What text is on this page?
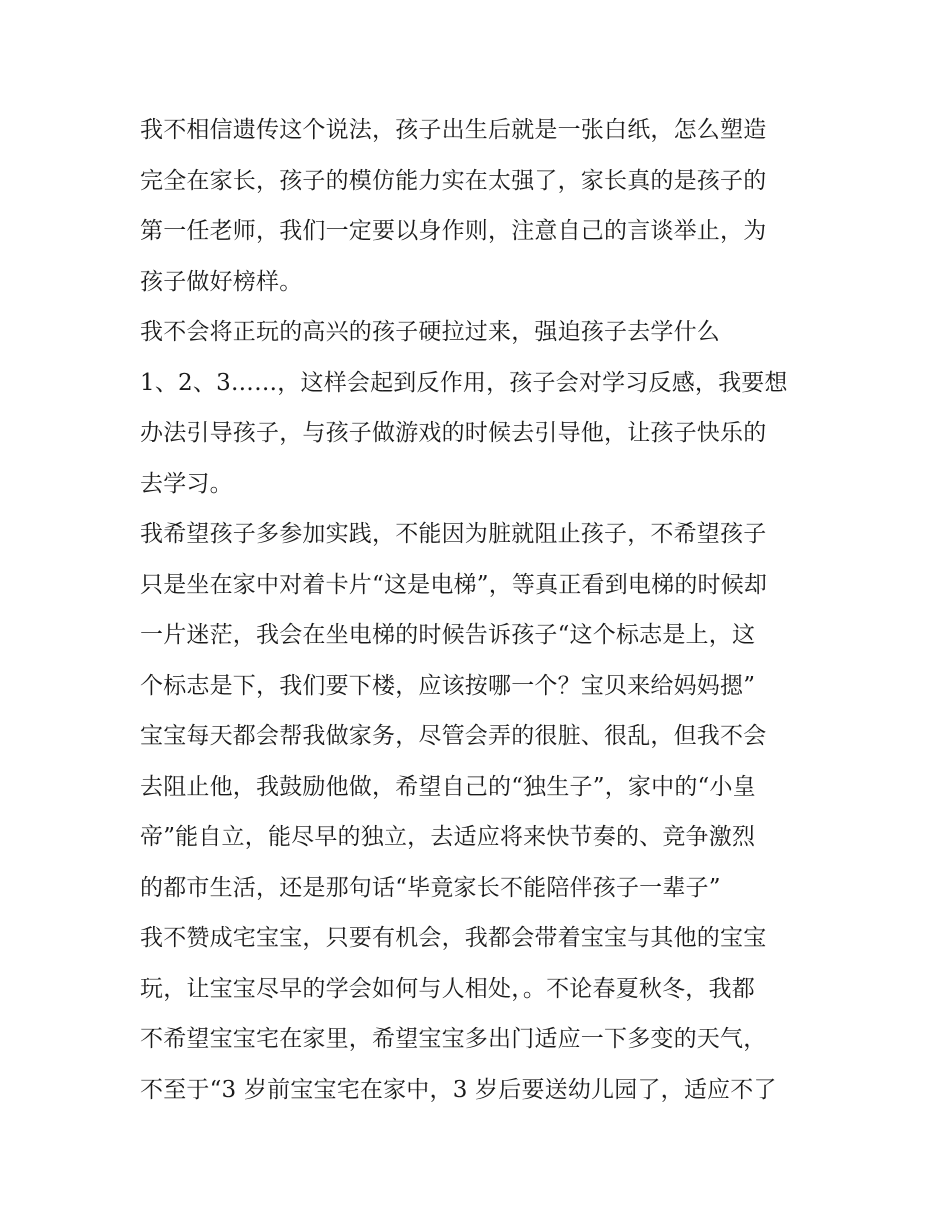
我不相信遗传这个说法，孩子出生后就是一张白纸，怎么塑造
完全在家长，孩子的模仿能力实在太强了，家长真的是孩子的
第一任老师，我们一定要以身作则，注意自己的言谈举止，为
孩子做好榜样。
我不会将正玩的高兴的孩子硬拉过来，强迫孩子去学什么
1、2、3……，这样会起到反作用，孩子会对学习反感，我要想
办法引导孩子，与孩子做游戏的时候去引导他，让孩子快乐的
去学习。
我希望孩子多参加实践，不能因为脏就阻止孩子，不希望孩子
只是坐在家中对着卡片“这是电梯”，等真正看到电梯的时候却
一片迷茫，我会在坐电梯的时候告诉孩子“这个标志是上，这
个标志是下，我们要下楼，应该按哪一个？宝贝来给妈妈摁”
宝宝每天都会帮我做家务，尽管会弄的很脏、很乱，但我不会
去阻止他，我鼓励他做，希望自己的“独生子”，家中的“小皇
帝”能自立，能尽早的独立，去适应将来快节奏的、竞争激烈
的都市生活，还是那句话“毕竟家长不能陪伴孩子一辈子”
我不赞成宅宝宝，只要有机会，我都会带着宝宝与其他的宝宝
玩，让宝宝尽早的学会如何与人相处，。不论春夏秋冬，我都
不希望宝宝宅在家里，希望宝宝多出门适应一下多变的天气，
不至于“3 岁前宝宝宅在家中，3 岁后要送幼儿园了，适应不了
